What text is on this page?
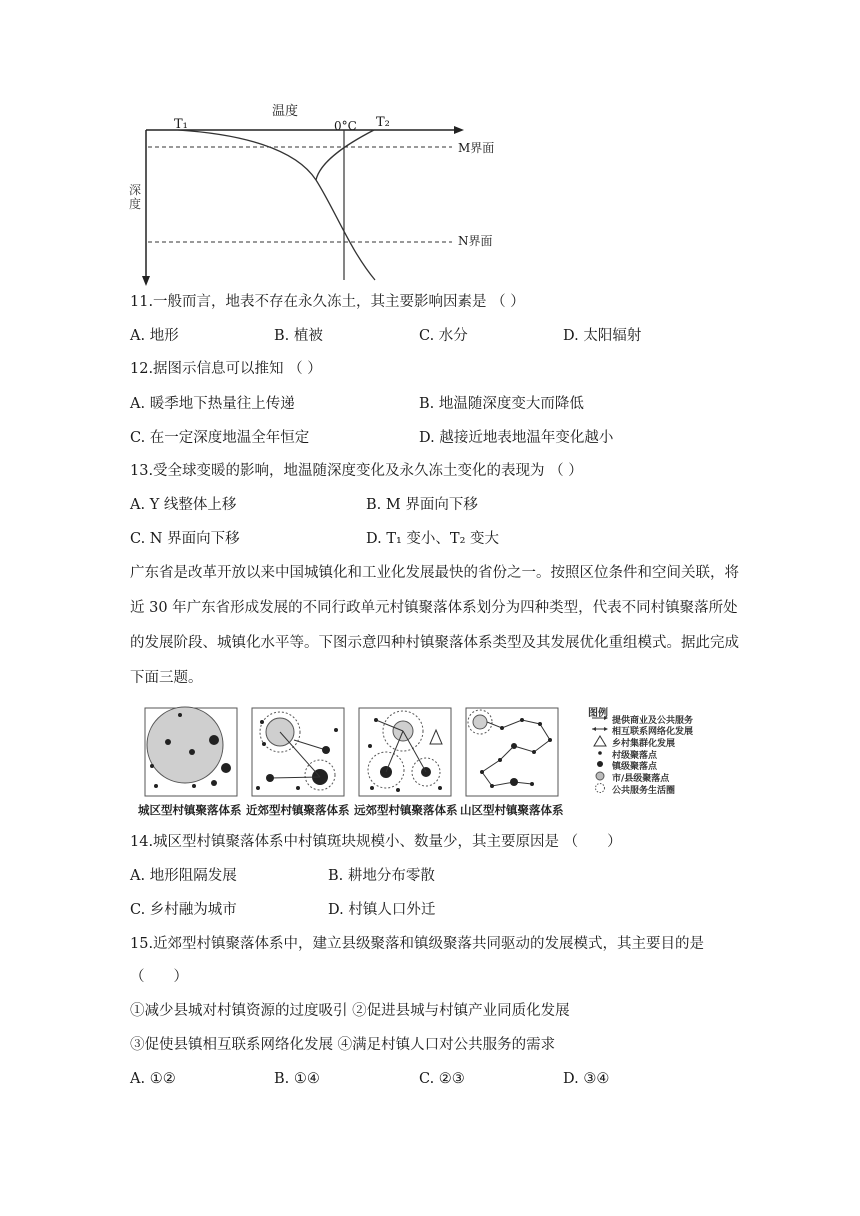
温度
T₁	0°C T₂
M界面
N界面
深度
11.一般而言，地表不存在永久冻土，其主要影响因素是 （ ）
A. 地形	B. 植被	C. 水分	D. 太阳辐射
12.据图示信息可以推知 （ ）
A. 暖季地下热量往上传递	B. 地温随深度变大而降低
C. 在一定深度地温全年恒定	D. 越接近地表地温年变化越小
13.受全球变暖的影响，地温随深度变化及永久冻土变化的表现为 （ ）
A. Y 线整体上移	B. M 界面向下移
C. N 界面向下移	D. T₁ 变小、T₂ 变大
广东省是改革开放以来中国城镇化和工业化发展最快的省份之一。按照区位条件和空间关联，将近 30 年广东省形成发展的不同行政单元村镇聚落体系划分为四种类型，代表不同村镇聚落所处的发展阶段、城镇化水平等。下图示意四种村镇聚落体系类型及其发展优化重组模式。据此完成下面三题。
城区型村镇聚落体系 近郊型村镇聚落体系 远郊型村镇聚落体系 山区型村镇聚落体系
图例
提供商业及公共服务
相互联系网络化发展
乡村集群化发展
村级聚落点
镇级聚落点
市/县级聚落点
公共服务生活圈
14.城区型村镇聚落体系中村镇斑块规模小、数量少，其主要原因是 （　　）
A. 地形阻隔发展	B. 耕地分布零散
C. 乡村融为城市	D. 村镇人口外迁
15.近郊型村镇聚落体系中，建立县级聚落和镇级聚落共同驱动的发展模式，其主要目的是
（　　）
①减少县城对村镇资源的过度吸引 ②促进县城与村镇产业同质化发展
③促使县镇相互联系网络化发展 ④满足村镇人口对公共服务的需求
A. ①②	B. ①④	C. ②③	D. ③④
